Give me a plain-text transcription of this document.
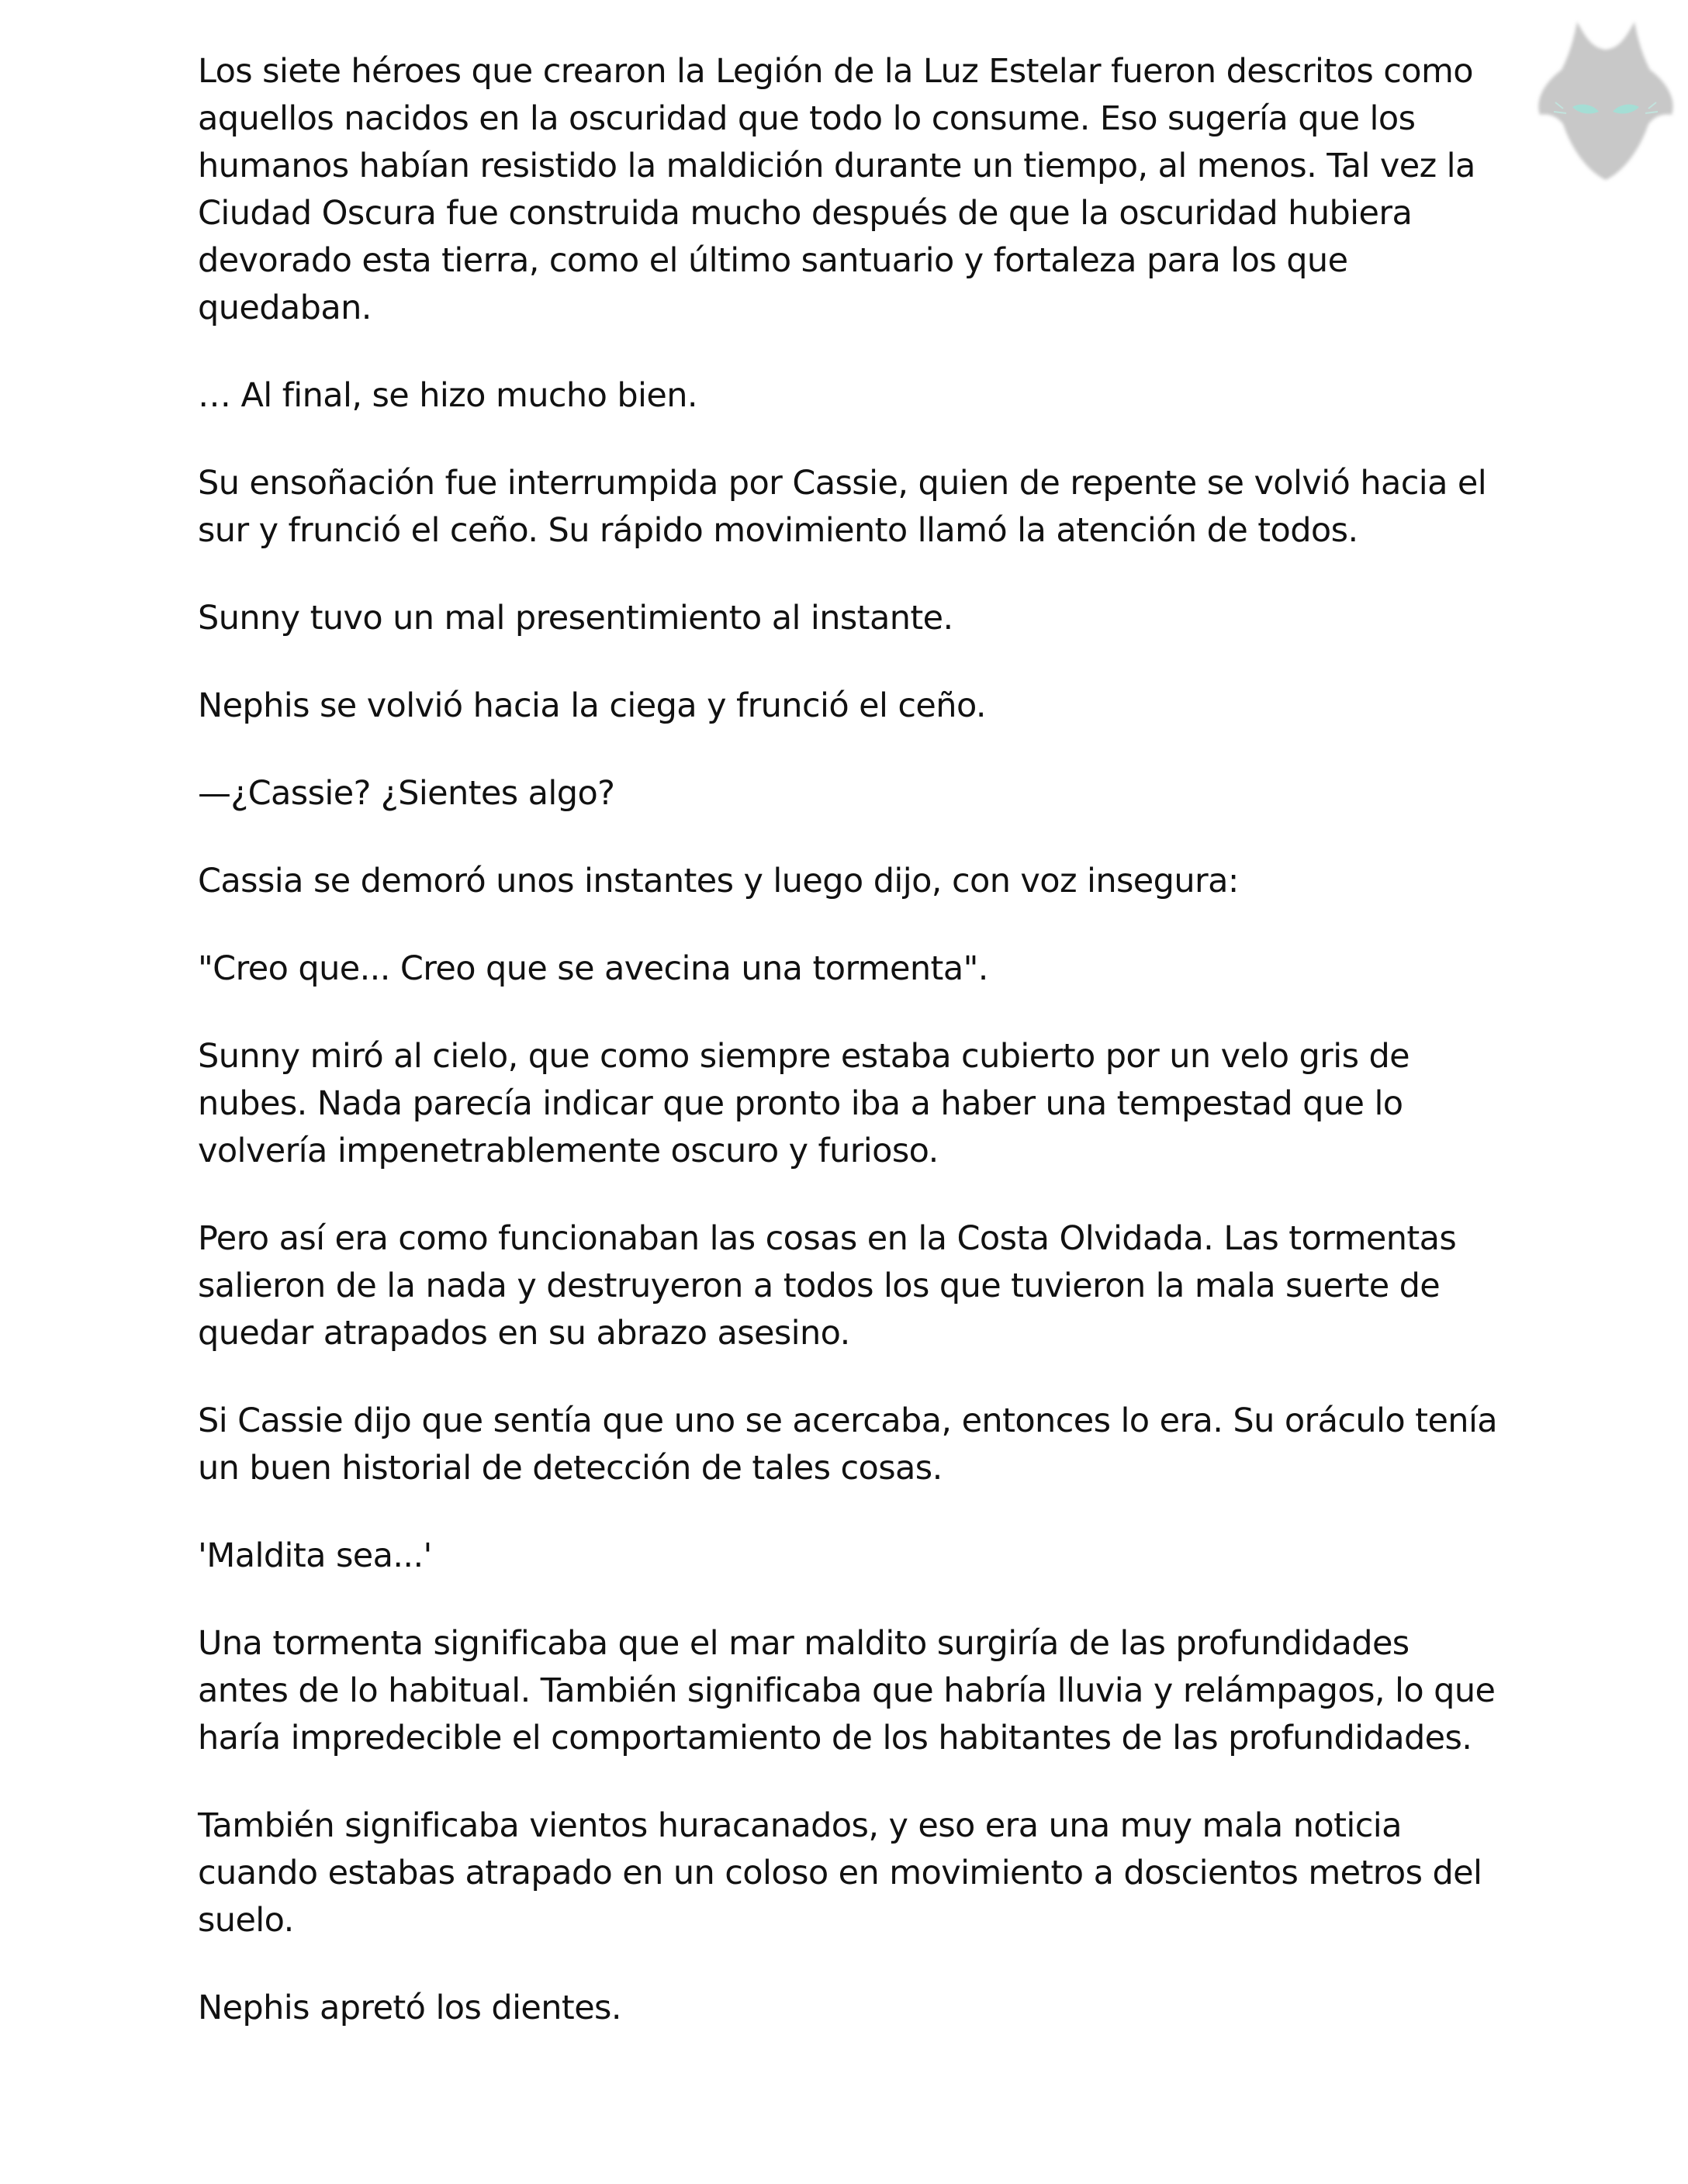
Los siete héroes que crearon la Legión de la Luz Estelar fueron descritos como aquellos nacidos en la oscuridad que todo lo consume. Eso sugería que los humanos habían resistido la maldición durante un tiempo, al menos. Tal vez la Ciudad Oscura fue construida mucho después de que la oscuridad hubiera devorado esta tierra, como el último santuario y fortaleza para los que quedaban.

… Al final, se hizo mucho bien.

Su ensoñación fue interrumpida por Cassie, quien de repente se volvió hacia el sur y frunció el ceño. Su rápido movimiento llamó la atención de todos.

Sunny tuvo un mal presentimiento al instante.

Nephis se volvió hacia la ciega y frunció el ceño.

—¿Cassie? ¿Sientes algo?

Cassia se demoró unos instantes y luego dijo, con voz insegura:

"Creo que... Creo que se avecina una tormenta".

Sunny miró al cielo, que como siempre estaba cubierto por un velo gris de nubes. Nada parecía indicar que pronto iba a haber una tempestad que lo volvería impenetrablemente oscuro y furioso.

Pero así era como funcionaban las cosas en la Costa Olvidada. Las tormentas salieron de la nada y destruyeron a todos los que tuvieron la mala suerte de quedar atrapados en su abrazo asesino.

Si Cassie dijo que sentía que uno se acercaba, entonces lo era. Su oráculo tenía un buen historial de detección de tales cosas.

'Maldita sea...'

Una tormenta significaba que el mar maldito surgiría de las profundidades antes de lo habitual. También significaba que habría lluvia y relámpagos, lo que haría impredecible el comportamiento de los habitantes de las profundidades.

También significaba vientos huracanados, y eso era una muy mala noticia cuando estabas atrapado en un coloso en movimiento a doscientos metros del suelo.

Nephis apretó los dientes.
